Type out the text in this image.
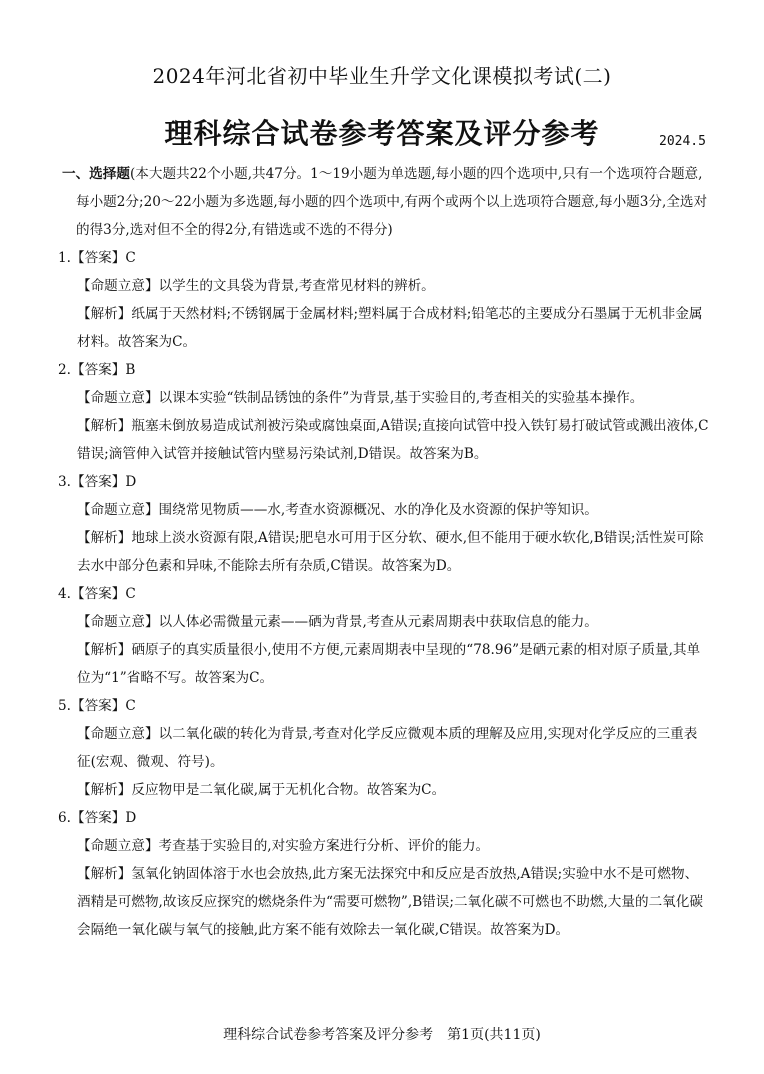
2024年河北省初中毕业生升学文化课模拟考试(二)
理科综合试卷参考答案及评分参考	2024.5
一、选择题(本大题共22个小题,共47分。1～19小题为单选题,每小题的四个选项中,只有一个选项符合题意,每小题2分;20～22小题为多选题,每小题的四个选项中,有两个或两个以上选项符合题意,每小题3分,全选对的得3分,选对但不全的得2分,有错选或不选的不得分)
1.【答案】C
【命题立意】以学生的文具袋为背景,考查常见材料的辨析。
【解析】纸属于天然材料;不锈钢属于金属材料;塑料属于合成材料;铅笔芯的主要成分石墨属于无机非金属材料。故答案为C。
2.【答案】B
【命题立意】以课本实验“铁制品锈蚀的条件”为背景,基于实验目的,考查相关的实验基本操作。
【解析】瓶塞未倒放易造成试剂被污染或腐蚀桌面,A错误;直接向试管中投入铁钉易打破试管或溅出液体,C错误;滴管伸入试管并接触试管内壁易污染试剂,D错误。故答案为B。
3.【答案】D
【命题立意】围绕常见物质——水,考查水资源概况、水的净化及水资源的保护等知识。
【解析】地球上淡水资源有限,A错误;肥皂水可用于区分软、硬水,但不能用于硬水软化,B错误;活性炭可除去水中部分色素和异味,不能除去所有杂质,C错误。故答案为D。
4.【答案】C
【命题立意】以人体必需微量元素——硒为背景,考查从元素周期表中获取信息的能力。
【解析】硒原子的真实质量很小,使用不方便,元素周期表中呈现的“78.96”是硒元素的相对原子质量,其单位为“1”省略不写。故答案为C。
5.【答案】C
【命题立意】以二氧化碳的转化为背景,考查对化学反应微观本质的理解及应用,实现对化学反应的三重表征(宏观、微观、符号)。
【解析】反应物甲是二氧化碳,属于无机化合物。故答案为C。
6.【答案】D
【命题立意】考查基于实验目的,对实验方案进行分析、评价的能力。
【解析】氢氧化钠固体溶于水也会放热,此方案无法探究中和反应是否放热,A错误;实验中水不是可燃物、酒精是可燃物,故该反应探究的燃烧条件为“需要可燃物”,B错误;二氧化碳不可燃也不助燃,大量的二氧化碳会隔绝一氧化碳与氧气的接触,此方案不能有效除去一氧化碳,C错误。故答案为D。
理科综合试卷参考答案及评分参考　第1页(共11页)
